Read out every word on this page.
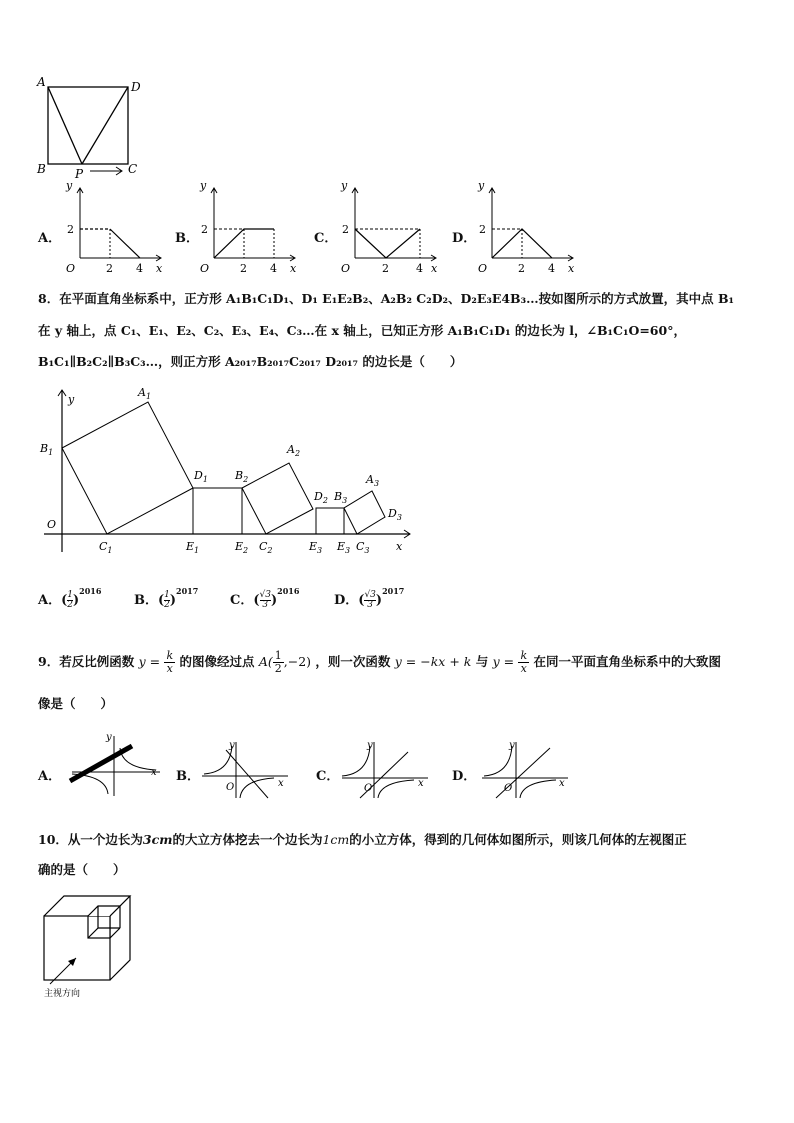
A	D
B	C
P
A．
y
2
O	2 4 x
B．
y
2
O	2 4 x
C．
y
2
O	2 4 x
D．
y
2
O	2 4 x
8．在平面直角坐标系中，正方形 A₁B₁C₁D₁、D₁ E₁E₂B₂、A₂B₂ C₂D₂、D₂E₃E4B₃…按如图所示的方式放置，其中点 B₁
在 y 轴上，点 C₁、E₁、E₂、C₂、E₃、E₄、C₃…在 x 轴上，已知正方形 A₁B₁C₁D₁ 的边长为 l，∠B₁C₁O=60°，
B₁C₁∥B₂C₂∥B₃C₃…，则正方形 A₂₀₁₇B₂₀₁₇C₂₀₁₇ D₂₀₁₇ 的边长是（　　）
y
x
O
$A_1$
$B_1$
$C_1$
$D_1$
$E_1$	$E_2$
$B_2$
$A_2$
$C_2$
$D_2$ $B_3$
$E_3$ $E_3$ $C_3$
$A_3$
$D_3$
A．( $\frac{1}{2} )^{2016}$
B．( $\frac{1}{2} )^{2017}$
C．( $\frac{√3}{3} )^{2016}$
D．( $\frac{√3}{3} )^{2017}$
9．若反比例函数 $y = \frac{k}{x}$ 的图像经过点 $A( \frac{1}{2} ,-2)$ ，则一次函数 y = −kx + k 与 $y = \frac{k}{x}$ 在同一平面直角坐标系中的大致图
像是（　　）
A．
y
x B．
y
O	x C．
y
O	x D．
y
O	x
10．从一个边长为3cm的大立方体挖去一个边长为1cm的小立方体，得到的几何体如图所示，则该几何体的左视图正
确的是（　　）
主视方向
